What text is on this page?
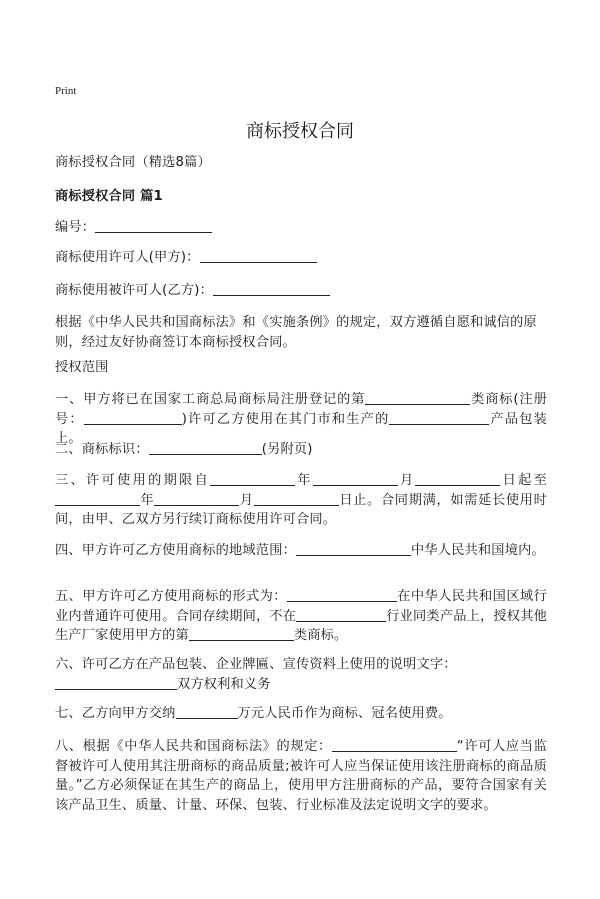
Print
商标授权合同

商标授权合同（精选8篇）

商标授权合同 篇1

编号：

商标使用许可人(甲方)：

商标使用被许可人(乙方)：

根据《中华人民共和国商标法》和《实施条例》的规定，双方遵循自愿和诚信的原则，经过友好协商签订本商标授权合同。

授权范围

一、甲方将已在国家工商总局商标局注册登记的第	类商标(注册号：	)许可乙方使用在其门市和生产的	产品包装上。

二、商标标识：	(另附页)

三、许可使用的期限自	年	月	日起至年	月	日止。合同期满，如需延长使用时间，由甲、乙双方另行续订商标使用许可合同。

四、甲方许可乙方使用商标的地域范围：	中华人民共和国境内。

五、甲方许可乙方使用商标的形式为：	在中华人民共和国区域行业内普通许可使用。合同存续期间，不在	行业同类产品上，授权其他生产厂家使用甲方的第	类商标。

六、许可乙方在产品包装、企业牌匾、宣传资料上使用的说明文字：
双方权利和义务

七、乙方向甲方交纳	万元人民币作为商标、冠名使用费。

八、根据《中华人民共和国商标法》的规定：	“许可人应当监督被许可人使用其注册商标的商品质量;被许可人应当保证使用该注册商标的商品质量。”乙方必须保证在其生产的商品上，使用甲方注册商标的产品，要符合国家有关该产品卫生、质量、计量、环保、包装、行业标准及法定说明文字的要求。
